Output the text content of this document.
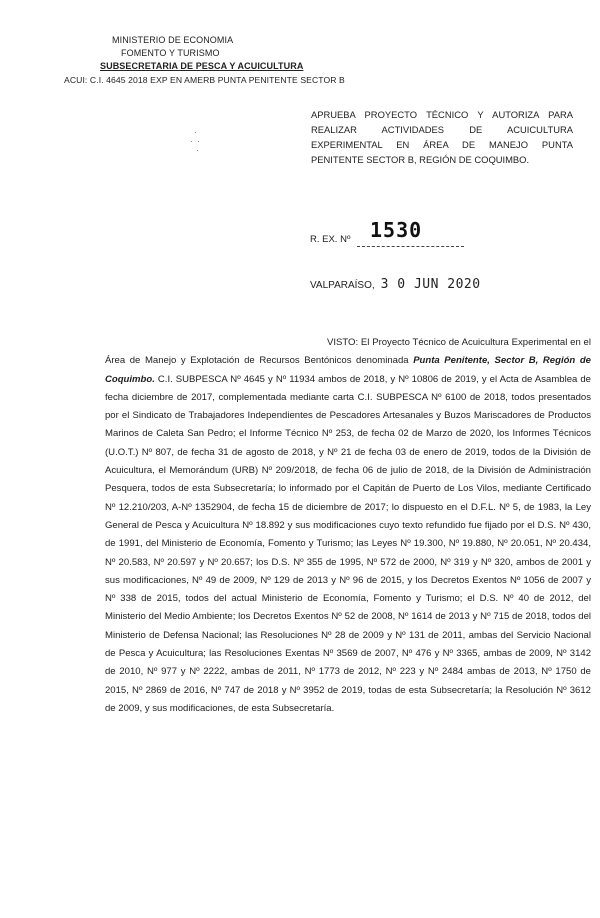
MINISTERIO DE ECONOMIA
FOMENTO Y TURISMO
SUBSECRETARIA DE PESCA Y ACUICULTURA
ACUI: C.I. 4645 2018 EXP EN AMERB PUNTA PENITENTE SECTOR B
·
·  ·
·
APRUEBA PROYECTO TÉCNICO Y AUTORIZA PARA
REALIZAR ACTIVIDADES DE ACUICULTURA
EXPERIMENTAL EN ÁREA DE MANEJO PUNTA
PENITENTE SECTOR B, REGIÓN DE COQUIMBO.
R. EX. Nº 1530
VALPARAÍSO, 3 0 JUN 2020
VISTO: El Proyecto Técnico de Acuicultura Experimental en el Área de Manejo y Explotación de Recursos Bentónicos denominada Punta Penitente, Sector B, Región de Coquimbo. C.I. SUBPESCA Nº 4645 y Nº 11934 ambos de 2018, y Nº 10806 de 2019, y el Acta de Asamblea de fecha diciembre de 2017, complementada mediante carta C.I. SUBPESCA Nº 6100 de 2018, todos presentados por el Sindicato de Trabajadores Independientes de Pescadores Artesanales y Buzos Mariscadores de Productos Marinos de Caleta San Pedro; el Informe Técnico Nº 253, de fecha 02 de Marzo de 2020, los Informes Técnicos (U.O.T.) Nº 807, de fecha 31 de agosto de 2018, y Nº 21 de fecha 03 de enero de 2019, todos de la División de Acuicultura, el Memorándum (URB) Nº 209/2018, de fecha 06 de julio de 2018, de la División de Administración Pesquera, todos de esta Subsecretaría; lo informado por el Capitán de Puerto de Los Vilos, mediante Certificado Nº 12.210/203, A-Nº 1352904, de fecha 15 de diciembre de 2017; lo dispuesto en el D.F.L. Nº 5, de 1983, la Ley General de Pesca y Acuicultura Nº 18.892 y sus modificaciones cuyo texto refundido fue fijado por el D.S. Nº 430, de 1991, del Ministerio de Economía, Fomento y Turismo; las Leyes Nº 19.300, Nº 19.880, Nº 20.051, Nº 20.434, Nº 20.583, Nº 20.597 y Nº 20.657; los D.S. Nº 355 de 1995, Nº 572 de 2000, Nº 319 y Nº 320, ambos de 2001 y sus modificaciones, Nº 49 de 2009, Nº 129 de 2013 y Nº 96 de 2015, y los Decretos Exentos Nº 1056 de 2007 y Nº 338 de 2015, todos del actual Ministerio de Economía, Fomento y Turismo; el D.S. Nº 40 de 2012, del Ministerio del Medio Ambiente; los Decretos Exentos Nº 52 de 2008, Nº 1614 de 2013 y Nº 715 de 2018, todos del Ministerio de Defensa Nacional; las Resoluciones Nº 28 de 2009 y Nº 131 de 2011, ambas del Servicio Nacional de Pesca y Acuicultura; las Resoluciones Exentas Nº 3569 de 2007, Nº 476 y Nº 3365, ambas de 2009, Nº 3142 de 2010, Nº 977 y Nº 2222, ambas de 2011, Nº 1773 de 2012, Nº 223 y Nº 2484 ambas de 2013, Nº 1750 de 2015, Nº 2869 de 2016, Nº 747 de 2018 y Nº 3952 de 2019, todas de esta Subsecretaría; la Resolución Nº 3612 de 2009, y sus modificaciones, de esta Subsecretaría.
